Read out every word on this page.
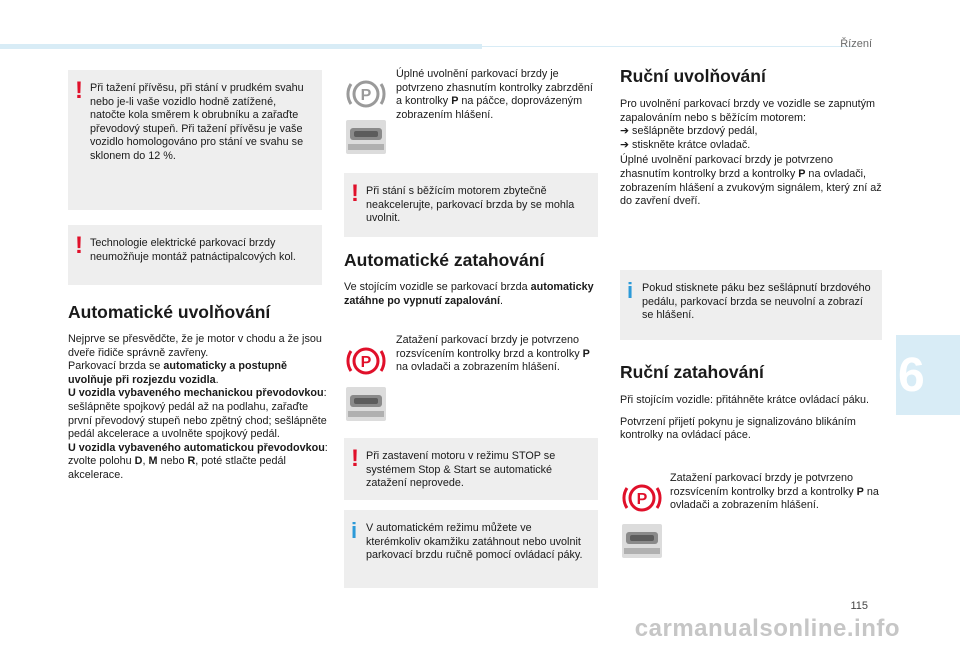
Řízení
6
! Při tažení přívěsu, při stání v prudkém svahu nebo je-li vaše vozidlo hodně zatížené, natočte kola směrem k obrubníku a zařaďte převodový stupeň. Při tažení přívěsu je vaše vozidlo homologováno pro stání ve svahu se sklonem do 12 %.
! Technologie elektrické parkovací brzdy neumožňuje montáž patnáctipalcových kol.
Automatické uvolňování
Nejprve se přesvědčte, že je motor v chodu a že jsou dveře řidiče správně zavřeny.
Parkovací brzda se automaticky a postupně uvolňuje při rozjezdu vozidla.
U vozidla vybaveného mechanickou převodovkou: sešlápněte spojkový pedál až na podlahu, zařaďte první převodový stupeň nebo zpětný chod; sešlápněte pedál akcelerace a uvolněte spojkový pedál.
U vozidla vybaveného automatickou převodovkou: zvolte polohu D, M nebo R, poté stlačte pedál akcelerace.
P
Úplné uvolnění parkovací brzdy je potvrzeno zhasnutím kontrolky zabrzdění a kontrolky P na páčce, doprovázeným zobrazením hlášení.
! Při stání s běžícím motorem zbytečně neakcelerujte, parkovací brzda by se mohla uvolnit.
Automatické zatahování
Ve stojícím vozidle se parkovací brzda automaticky zatáhne po vypnutí zapalování.
P
Zatažení parkovací brzdy je potvrzeno rozsvícením kontrolky brzd a kontrolky P na ovladači a zobrazením hlášení.
! Při zastavení motoru v režimu STOP se systémem Stop & Start se automatické zatažení neprovede.
i V automatickém režimu můžete ve kterémkoliv okamžiku zatáhnout nebo uvolnit parkovací brzdu ručně pomocí ovládací páky.
Ruční uvolňování
Pro uvolnění parkovací brzdy ve vozidle se zapnutým zapalováním nebo s běžícím motorem:
➔ sešlápněte brzdový pedál,
➔ stiskněte krátce ovladač.
Úplné uvolnění parkovací brzdy je potvrzeno zhasnutím kontrolky brzd a kontrolky P na ovladači, zobrazením hlášení a zvukovým signálem, který zní až do zavření dveří.
i Pokud stisknete páku bez sešlápnutí brzdového pedálu, parkovací brzda se neuvolní a zobrazí se hlášení.
Ruční zatahování
Při stojícím vozidle: přitáhněte krátce ovládací páku.
Potvrzení přijetí pokynu je signalizováno blikáním kontrolky na ovládací páce.
P
Zatažení parkovací brzdy je potvrzeno rozsvícením kontrolky brzd a kontrolky P na ovladači a zobrazením hlášení.
115
carmanualsonline.info
